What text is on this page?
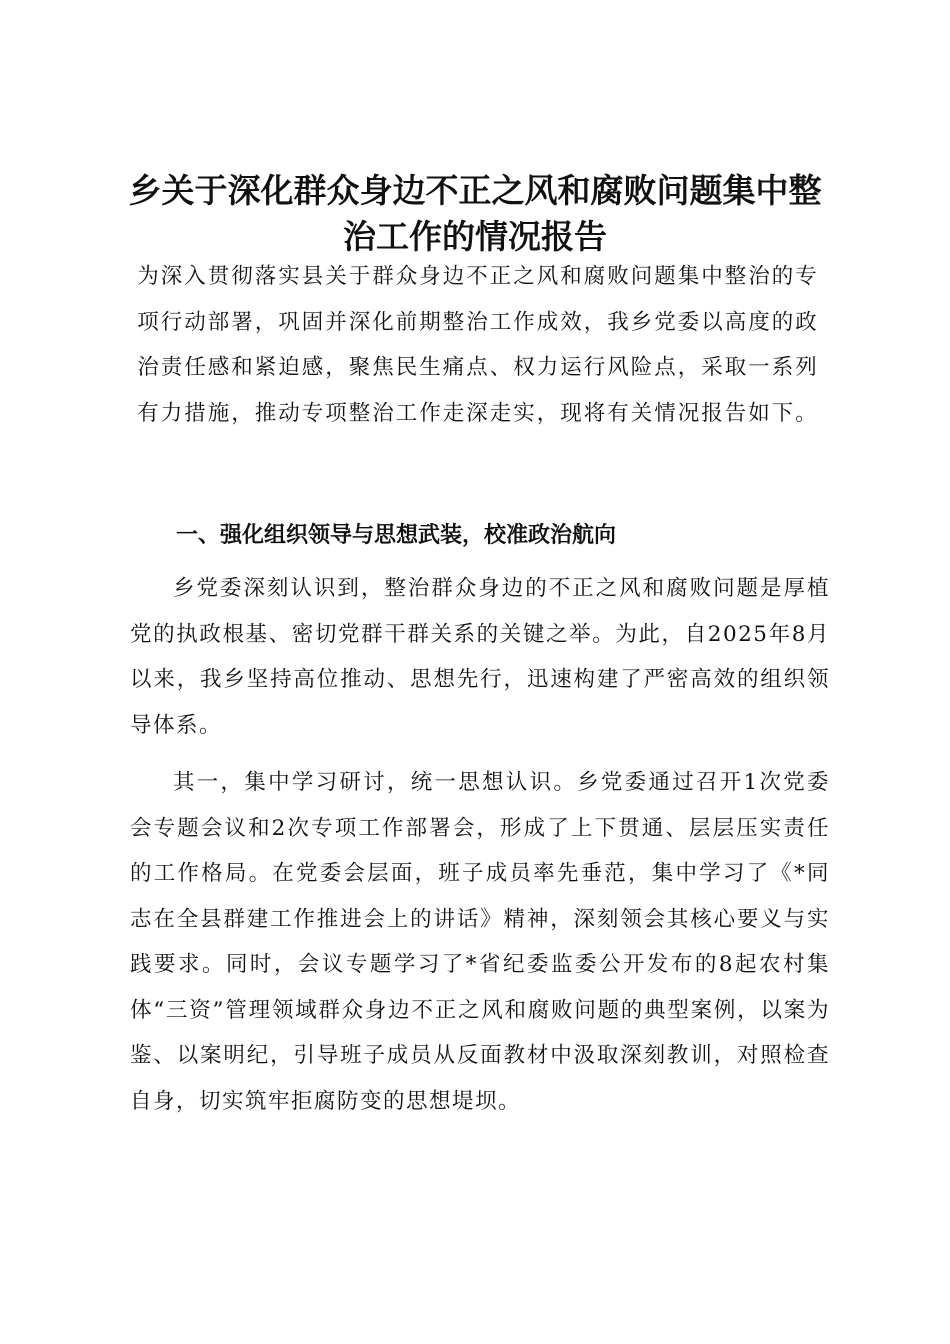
乡关于深化群众身边不正之风和腐败问题集中整治工作的情况报告

为深入贯彻落实县关于群众身边不正之风和腐败问题集中整治的专项行动部署，巩固并深化前期整治工作成效，我乡党委以高度的政治责任感和紧迫感，聚焦民生痛点、权力运行风险点，采取一系列有力措施，推动专项整治工作走深走实，现将有关情况报告如下。

一、强化组织领导与思想武装，校准政治航向

乡党委深刻认识到，整治群众身边的不正之风和腐败问题是厚植党的执政根基、密切党群干群关系的关键之举。为此，自2025年8月以来，我乡坚持高位推动、思想先行，迅速构建了严密高效的组织领导体系。

其一，集中学习研讨，统一思想认识。乡党委通过召开1次党委会专题会议和2次专项工作部署会，形成了上下贯通、层层压实责任的工作格局。在党委会层面，班子成员率先垂范，集中学习了《*同志在全县群建工作推进会上的讲话》精神，深刻领会其核心要义与实践要求。同时，会议专题学习了*省纪委监委公开发布的8起农村集体“三资”管理领域群众身边不正之风和腐败问题的典型案例，以案为鉴、以案明纪，引导班子成员从反面教材中汲取深刻教训，对照检查自身，切实筑牢拒腐防变的思想堤坝。
